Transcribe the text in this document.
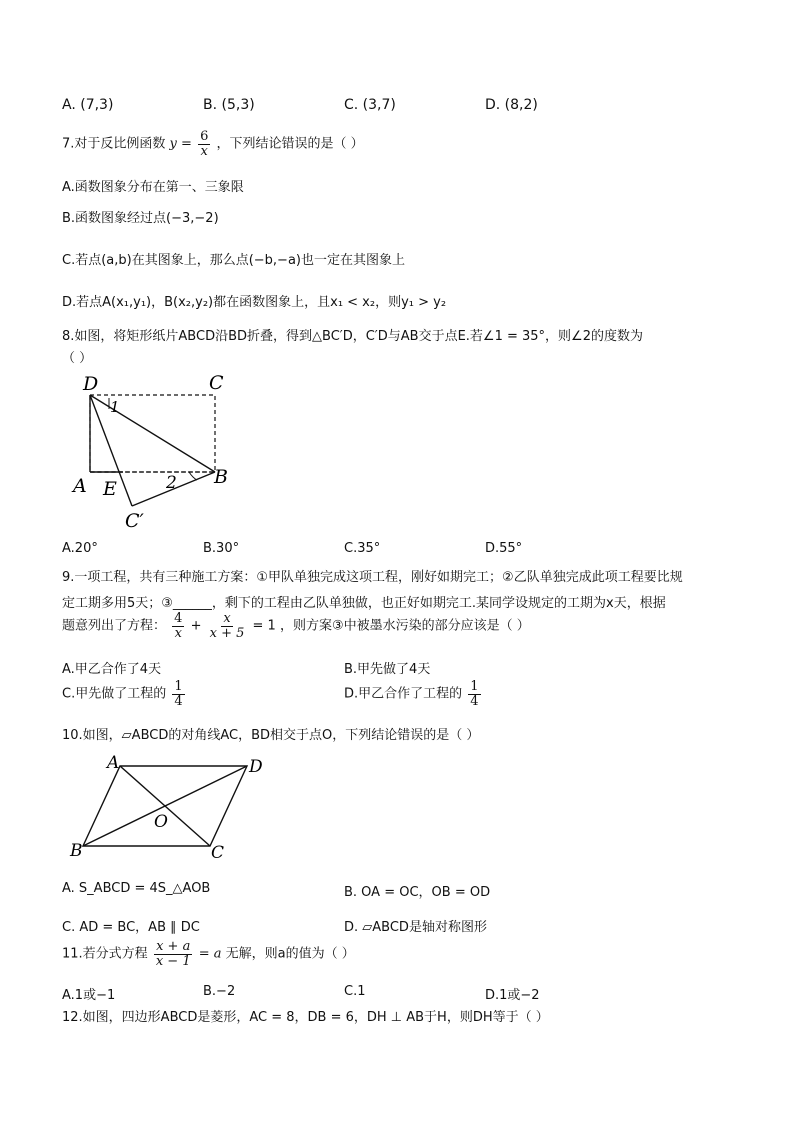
A. (7,3)	B. (5,3)	C. (3,7)	D. (8,2)
7.对于反比例函数 $y = \frac{6}{x}$ ，下列结论错误的是（ ）
A.函数图象分布在第一、三象限
B.函数图象经过点(−3,−2)
C.若点(a,b)在其图象上，那么点(−b,−a)也一定在其图象上
D.若点A(x₁,y₁)，B(x₂,y₂)都在函数图象上，且x₁ < x₂，则y₁ > y₂
8.如图，将矩形纸片ABCD沿BD折叠，得到△BC′D，C′D与AB交于点E.若∠1 = 35°，则∠2的度数为
（ ）
D	C
A E
B
C′
1
2
A.20°	B.30°	C.35°	D.55°
9.一项工程，共有三种施工方案：①甲队单独完成这项工程，刚好如期完工；②乙队单独完成此项工程要比规
定工期多用5天；③______，剩下的工程由乙队单独做，也正好如期完工.某同学设规定的工期为x天，根据
题意列出了方程： $\frac{4}{x} + \frac{x}{x + 5} = 1$ ，则方案③中被墨水污染的部分应该是（ ）
A.甲乙合作了4天	B.甲先做了4天
C.甲先做了工程的 $\frac{1}{4}$	D.甲乙合作了工程的 $\frac{1}{4}$
10.如图，▱ABCD的对角线AC，BD相交于点O，下列结论错误的是（ ）
A	D
O
B	C
A. S_ABCD = 4S_△AOB	B. OA = OC，OB = OD
C. AD = BC，AB ∥ DC	D. ▱ABCD是轴对称图形
11.若分式方程 $\frac{x + a}{x - 1} = a$ 无解，则a的值为（ ）
A.1或−1	B.−2	C.1	D.1或−2
12.如图，四边形ABCD是菱形，AC = 8，DB = 6，DH ⊥ AB于H，则DH等于（ ）
